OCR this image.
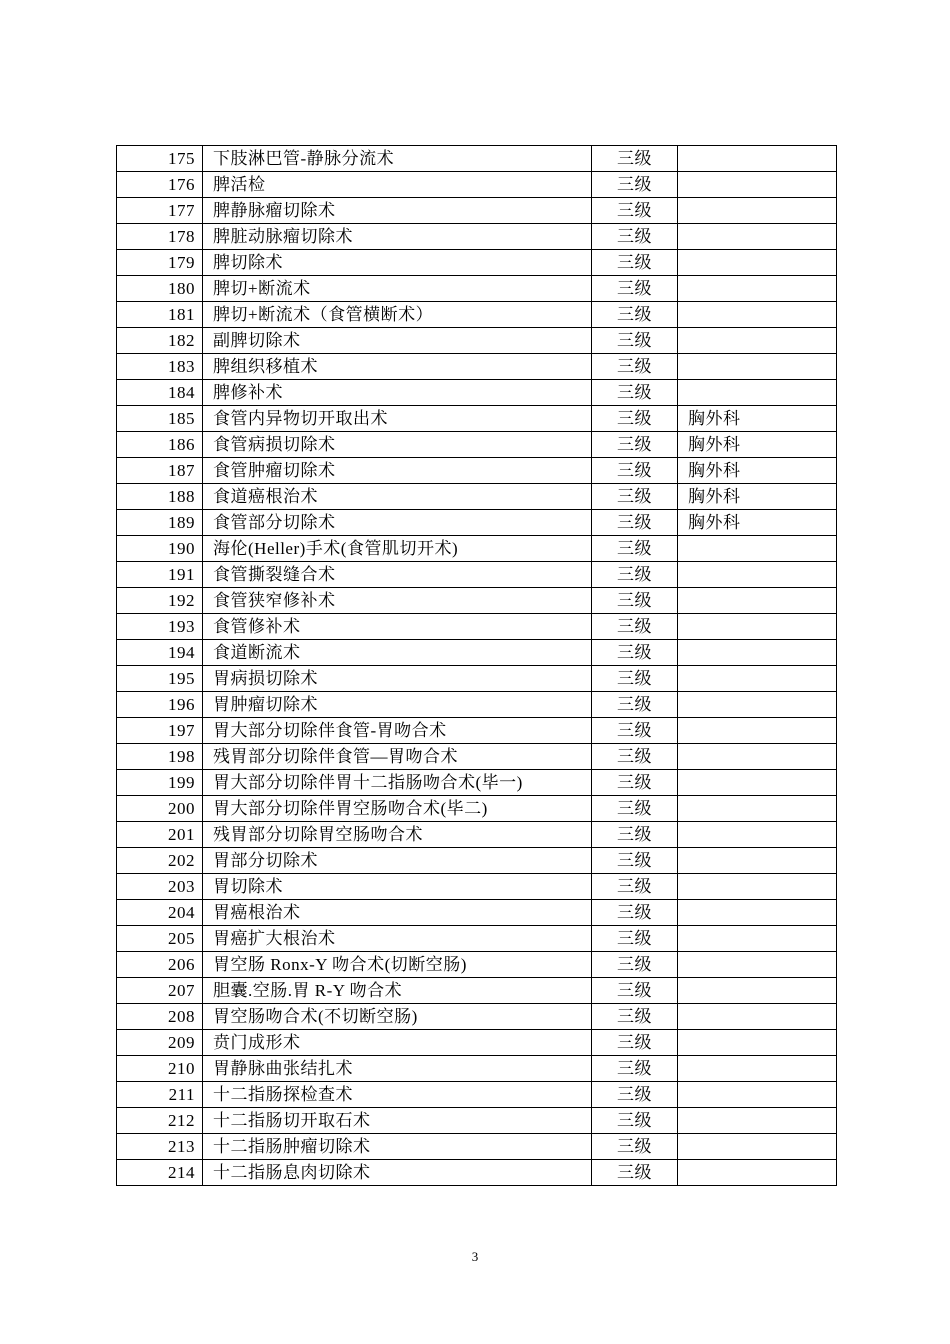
175	下肢淋巴管-静脉分流术	三级	
176	脾活检	三级	
177	脾静脉瘤切除术	三级	
178	脾脏动脉瘤切除术	三级	
179	脾切除术	三级	
180	脾切+断流术	三级	
181	脾切+断流术（食管横断术）	三级	
182	副脾切除术	三级	
183	脾组织移植术	三级	
184	脾修补术	三级	
185	食管内异物切开取出术	三级	胸外科
186	食管病损切除术	三级	胸外科
187	食管肿瘤切除术	三级	胸外科
188	食道癌根治术	三级	胸外科
189	食管部分切除术	三级	胸外科
190	海伦(Heller)手术(食管肌切开术)	三级	
191	食管撕裂缝合术	三级	
192	食管狭窄修补术	三级	
193	食管修补术	三级	
194	食道断流术	三级	
195	胃病损切除术	三级	
196	胃肿瘤切除术	三级	
197	胃大部分切除伴食管-胃吻合术	三级	
198	残胃部分切除伴食管—胃吻合术	三级	
199	胃大部分切除伴胃十二指肠吻合术(毕一)	三级	
200	胃大部分切除伴胃空肠吻合术(毕二)	三级	
201	残胃部分切除胃空肠吻合术	三级	
202	胃部分切除术	三级	
203	胃切除术	三级	
204	胃癌根治术	三级	
205	胃癌扩大根治术	三级	
206	胃空肠 Ronx-Y 吻合术(切断空肠)	三级	
207	胆囊.空肠.胃 R-Y 吻合术	三级	
208	胃空肠吻合术(不切断空肠)	三级	
209	贲门成形术	三级	
210	胃静脉曲张结扎术	三级	
211	十二指肠探检查术	三级	
212	十二指肠切开取石术	三级	
213	十二指肠肿瘤切除术	三级	
214	十二指肠息肉切除术	三级	
3
